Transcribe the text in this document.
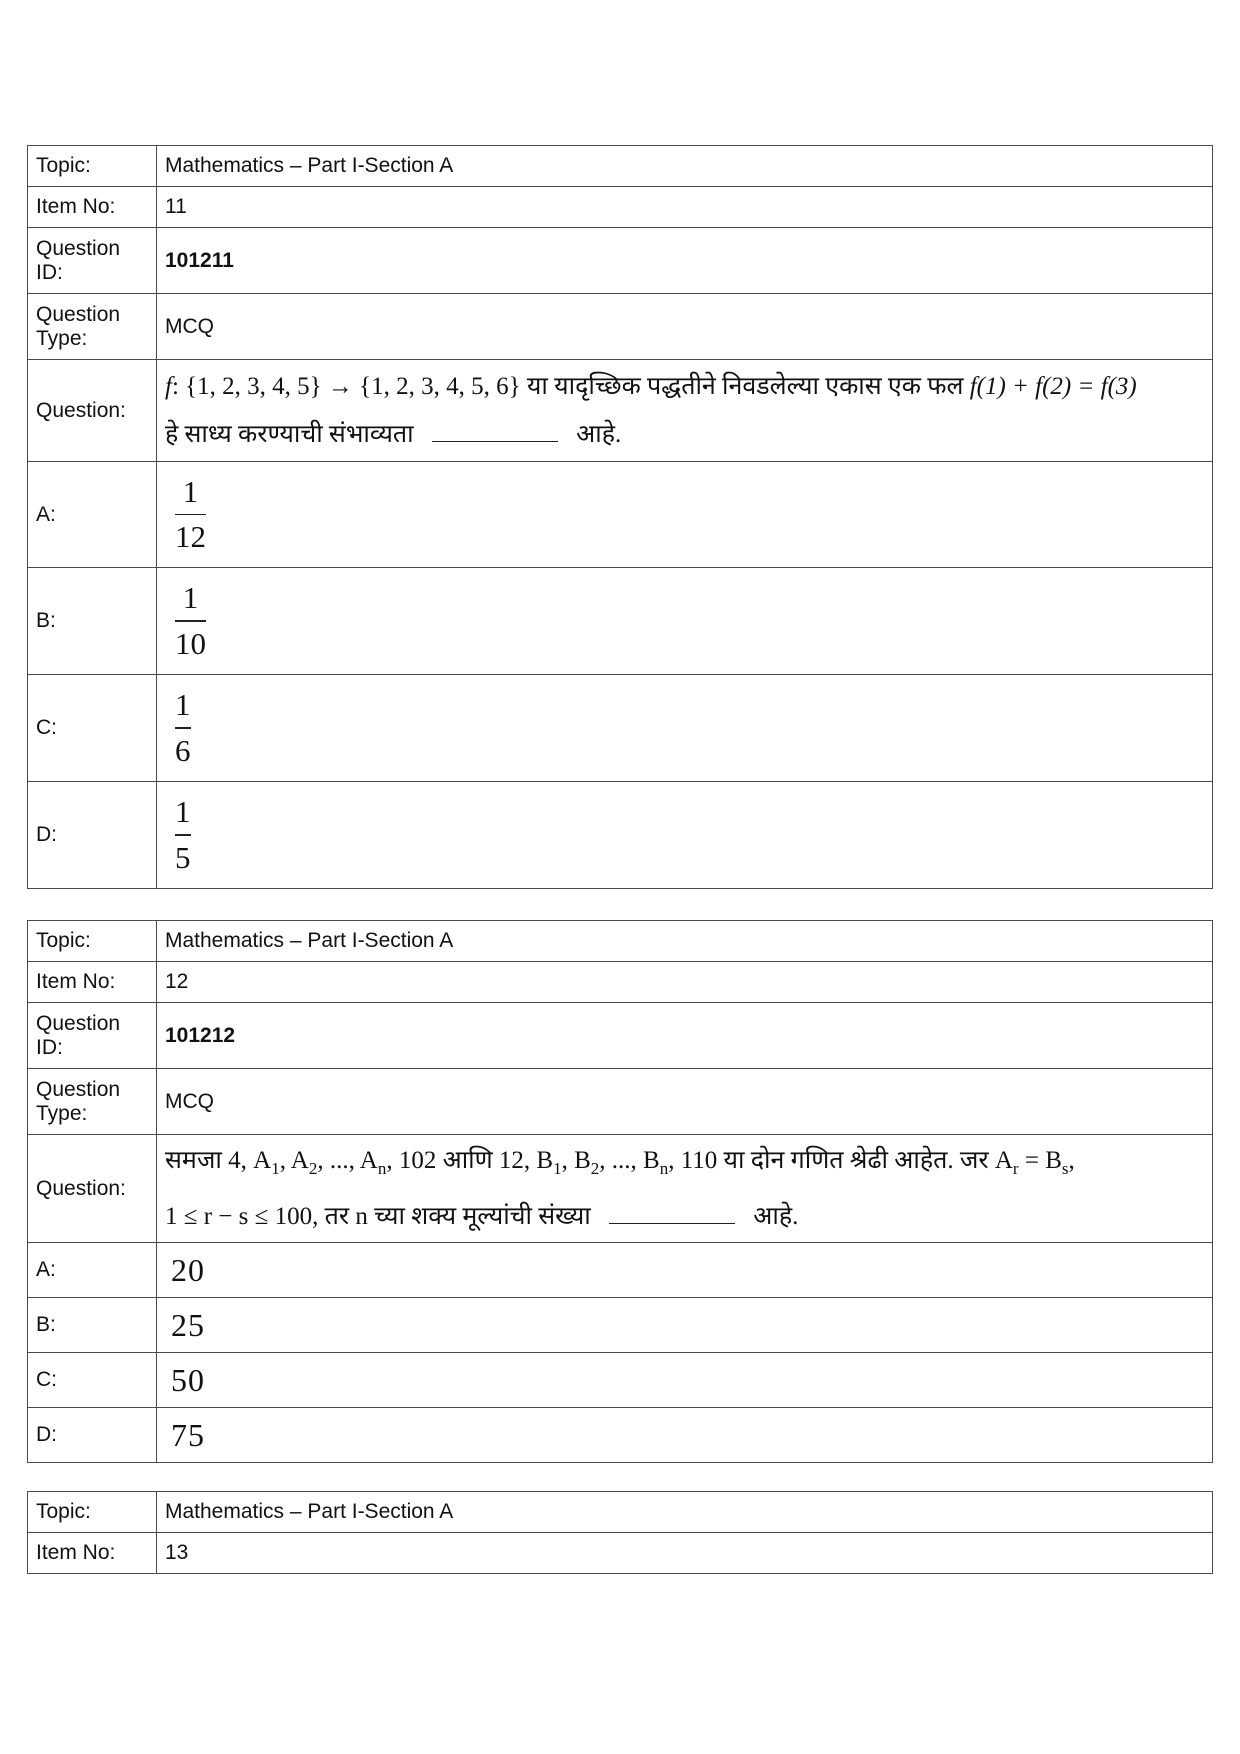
Topic:	Mathematics – Part I-Section A
Item No:	11
Question
ID:	101211
Question
Type:	MCQ
Question:	f: {1, 2, 3, 4, 5} → {1, 2, 3, 4, 5, 6} या यादृच्छिक पद्धतीने निवडलेल्या एकास एक फल f(1) + f(2) = f(3)
हे साध्य करण्याची संभाव्यता आहे.
A:	$\frac{1}{12}$

B:	$\frac{1}{10}$

C:	$\frac{1}{6}$

D:	$\frac{1}{5}$
Topic:	Mathematics – Part I-Section A
Item No:	12
Question
ID:	101212
Question
Type:	MCQ
Question:	समजा 4, $A_1$, $A_2$, ..., $A_n$, 102 आणि 12, $B_1$, $B_2$, ..., $B_n$, 110 या दोन गणित श्रेढी आहेत. जर $A_r = B_s$,
1 ≤ r − s ≤ 100, तर n च्या शक्य मूल्यांची संख्या आहे.
A:	20
B:	25
C:	50
D:	75
Topic:	Mathematics – Part I-Section A
Item No:	13
